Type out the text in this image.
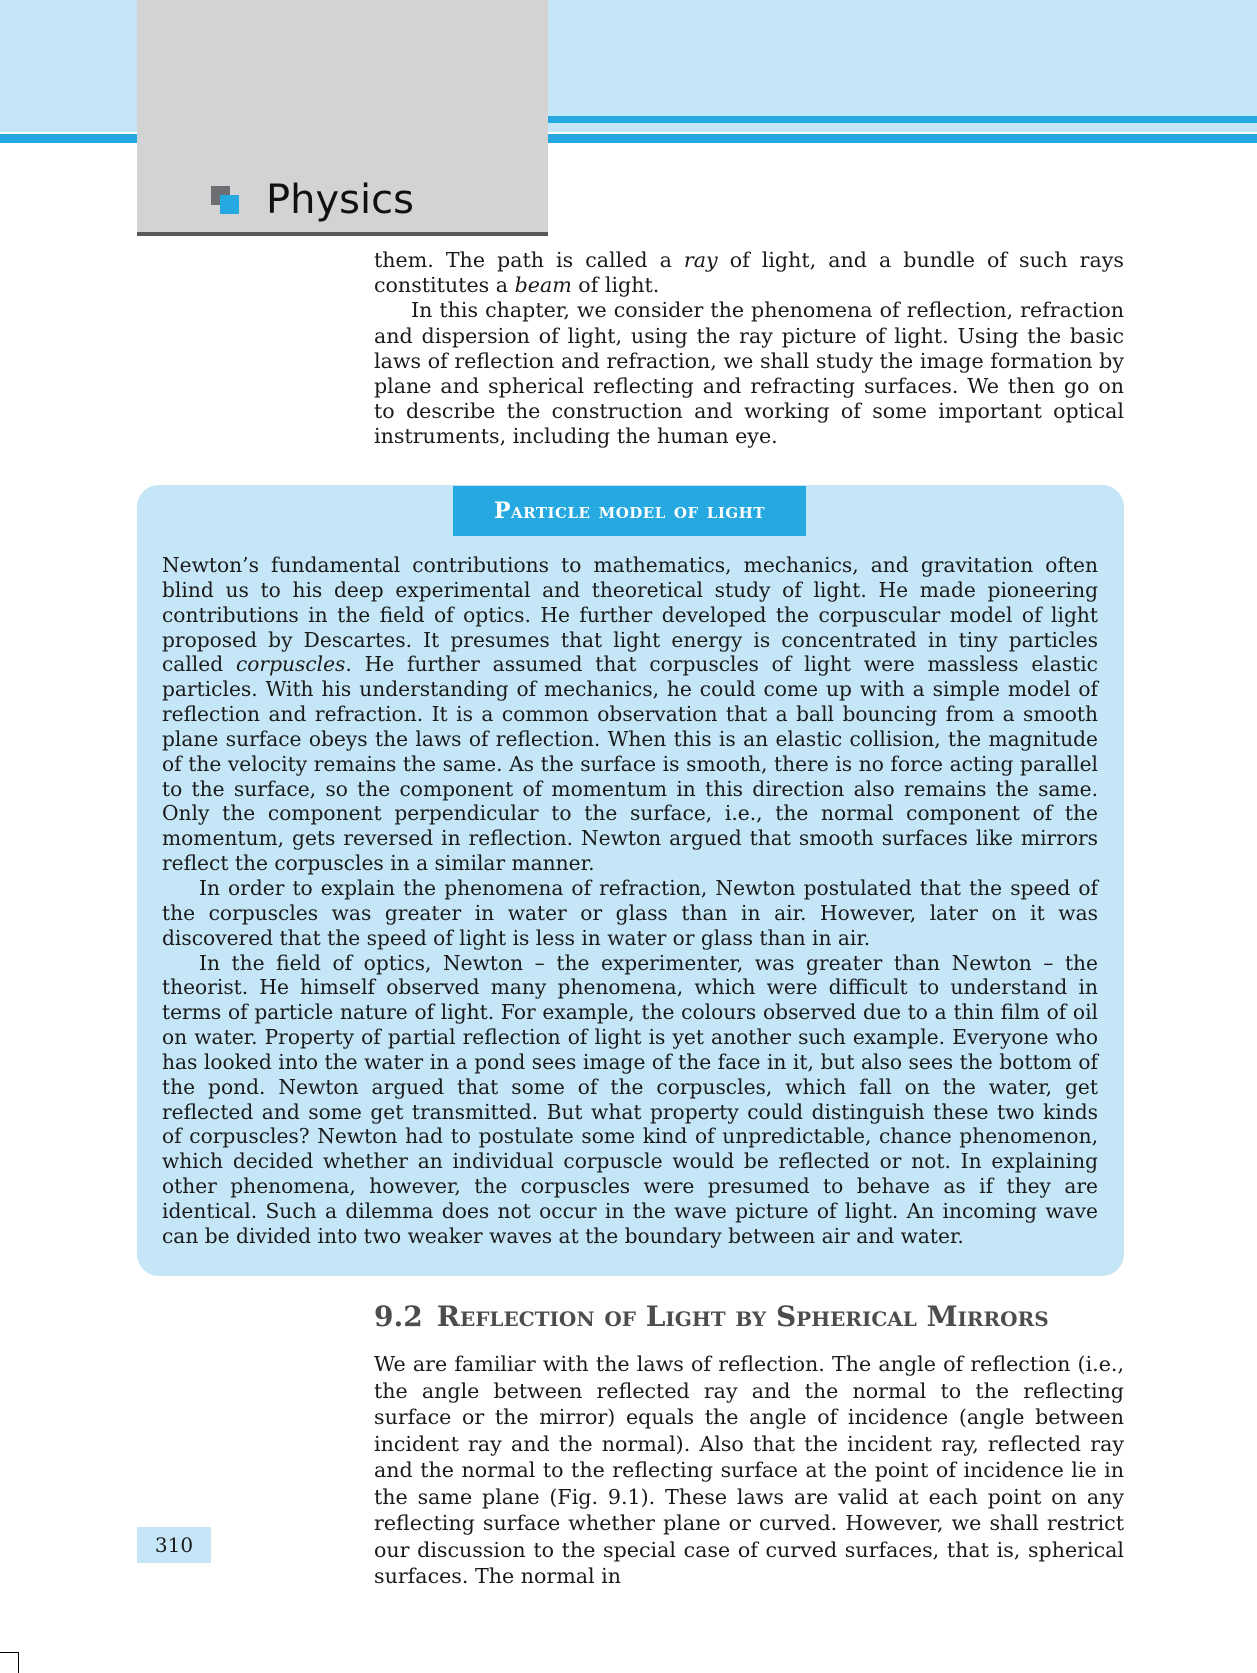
Physics

them. The path is called a ray of light, and a bundle of such rays constitutes a beam of light.

In this chapter, we consider the phenomena of reflection, refraction and dispersion of light, using the ray picture of light. Using the basic laws of reflection and refraction, we shall study the image formation by plane and spherical reflecting and refracting surfaces. We then go on to describe the construction and working of some important optical instruments, including the human eye.

Particle model of light

Newton’s fundamental contributions to mathematics, mechanics, and gravitation often blind us to his deep experimental and theoretical study of light. He made pioneering contributions in the field of optics. He further developed the corpuscular model of light proposed by Descartes. It presumes that light energy is concentrated in tiny particles called corpuscles. He further assumed that corpuscles of light were massless elastic particles. With his understanding of mechanics, he could come up with a simple model of reflection and refraction. It is a common observation that a ball bouncing from a smooth plane surface obeys the laws of reflection. When this is an elastic collision, the magnitude of the velocity remains the same. As the surface is smooth, there is no force acting parallel to the surface, so the component of momentum in this direction also remains the same. Only the component perpendicular to the surface, i.e., the normal component of the momentum, gets reversed in reflection. Newton argued that smooth surfaces like mirrors reflect the corpuscles in a similar manner.

In order to explain the phenomena of refraction, Newton postulated that the speed of the corpuscles was greater in water or glass than in air. However, later on it was discovered that the speed of light is less in water or glass than in air.

In the field of optics, Newton – the experimenter, was greater than Newton – the theorist. He himself observed many phenomena, which were difficult to understand in terms of particle nature of light. For example, the colours observed due to a thin film of oil on water. Property of partial reflection of light is yet another such example. Everyone who has looked into the water in a pond sees image of the face in it, but also sees the bottom of the pond. Newton argued that some of the corpuscles, which fall on the water, get reflected and some get transmitted. But what property could distinguish these two kinds of corpuscles? Newton had to postulate some kind of unpredictable, chance phenomenon, which decided whether an individual corpuscle would be reflected or not. In explaining other phenomena, however, the corpuscles were presumed to behave as if they are identical. Such a dilemma does not occur in the wave picture of light. An incoming wave can be divided into two weaker waves at the boundary between air and water.

9.2 Reflection of Light by Spherical Mirrors

We are familiar with the laws of reflection. The angle of reflection (i.e., the angle between reflected ray and the normal to the reflecting surface or the mirror) equals the angle of incidence (angle between incident ray and the normal). Also that the incident ray, reflected ray and the normal to the reflecting surface at the point of incidence lie in the same plane (Fig. 9.1). These laws are valid at each point on any reflecting surface whether plane or curved. However, we shall restrict our discussion to the special case of curved surfaces, that is, spherical surfaces. The normal in

310
